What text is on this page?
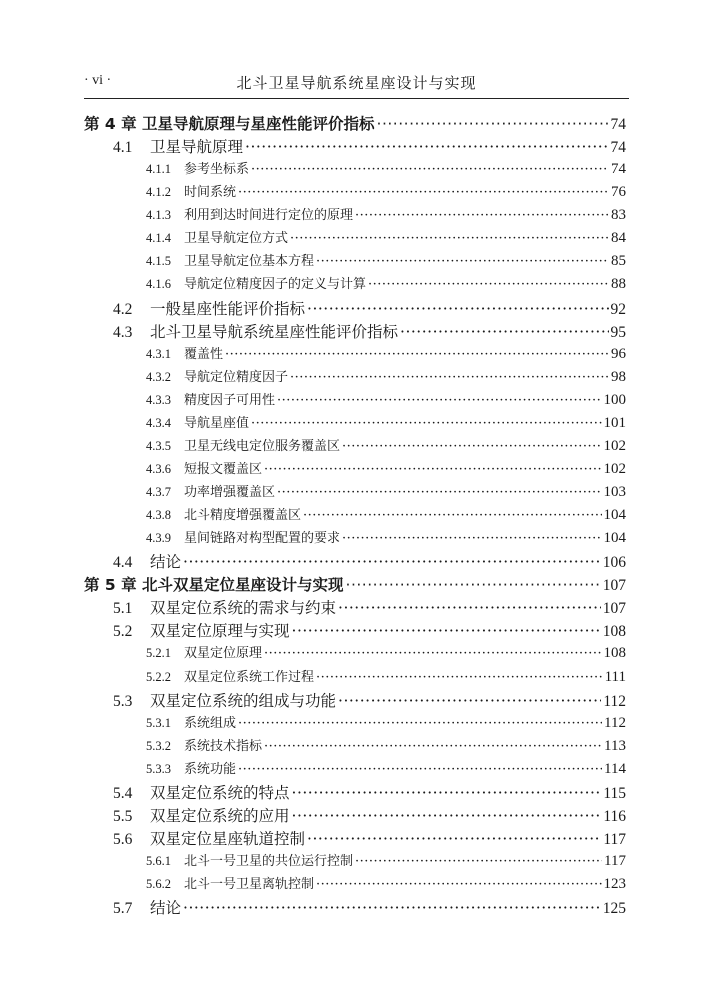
· vi ·	北斗卫星导航系统星座设计与实现
第 4 章 卫星导航原理与星座性能评价指标 ·····	74
4.1	卫星导航原理 ·····	74
4.1.1	参考坐标系 ·····	74
4.1.2	时间系统 ·····	76
4.1.3	利用到达时间进行定位的原理 ·····	83
4.1.4	卫星导航定位方式 ·····	84
4.1.5	卫星导航定位基本方程 ·····	85
4.1.6	导航定位精度因子的定义与计算 ·····	88
4.2	一般星座性能评价指标 ·····	92
4.3	北斗卫星导航系统星座性能评价指标 ·····	95
4.3.1	覆盖性 ·····	96
4.3.2	导航定位精度因子 ·····	98
4.3.3	精度因子可用性 ·····	100
4.3.4	导航星座值 ·····	101
4.3.5	卫星无线电定位服务覆盖区 ·····	102
4.3.6	短报文覆盖区 ·····	102
4.3.7	功率增强覆盖区 ·····	103
4.3.8	北斗精度增强覆盖区 ·····	104
4.3.9	星间链路对构型配置的要求 ·····	104
4.4	结论 ·····	106
第 5 章 北斗双星定位星座设计与实现 ·····	107
5.1	双星定位系统的需求与约束 ·····	107
5.2	双星定位原理与实现 ·····	108
5.2.1	双星定位原理 ·····	108
5.2.2	双星定位系统工作过程 ·····	111
5.3	双星定位系统的组成与功能 ·····	112
5.3.1	系统组成 ·····	112
5.3.2	系统技术指标 ·····	113
5.3.3	系统功能 ·····	114
5.4	双星定位系统的特点 ·····	115
5.5	双星定位系统的应用 ·····	116
5.6	双星定位星座轨道控制 ·····	117
5.6.1	北斗一号卫星的共位运行控制 ·····	117
5.6.2	北斗一号卫星离轨控制 ·····	123
5.7	结论 ·····	125
